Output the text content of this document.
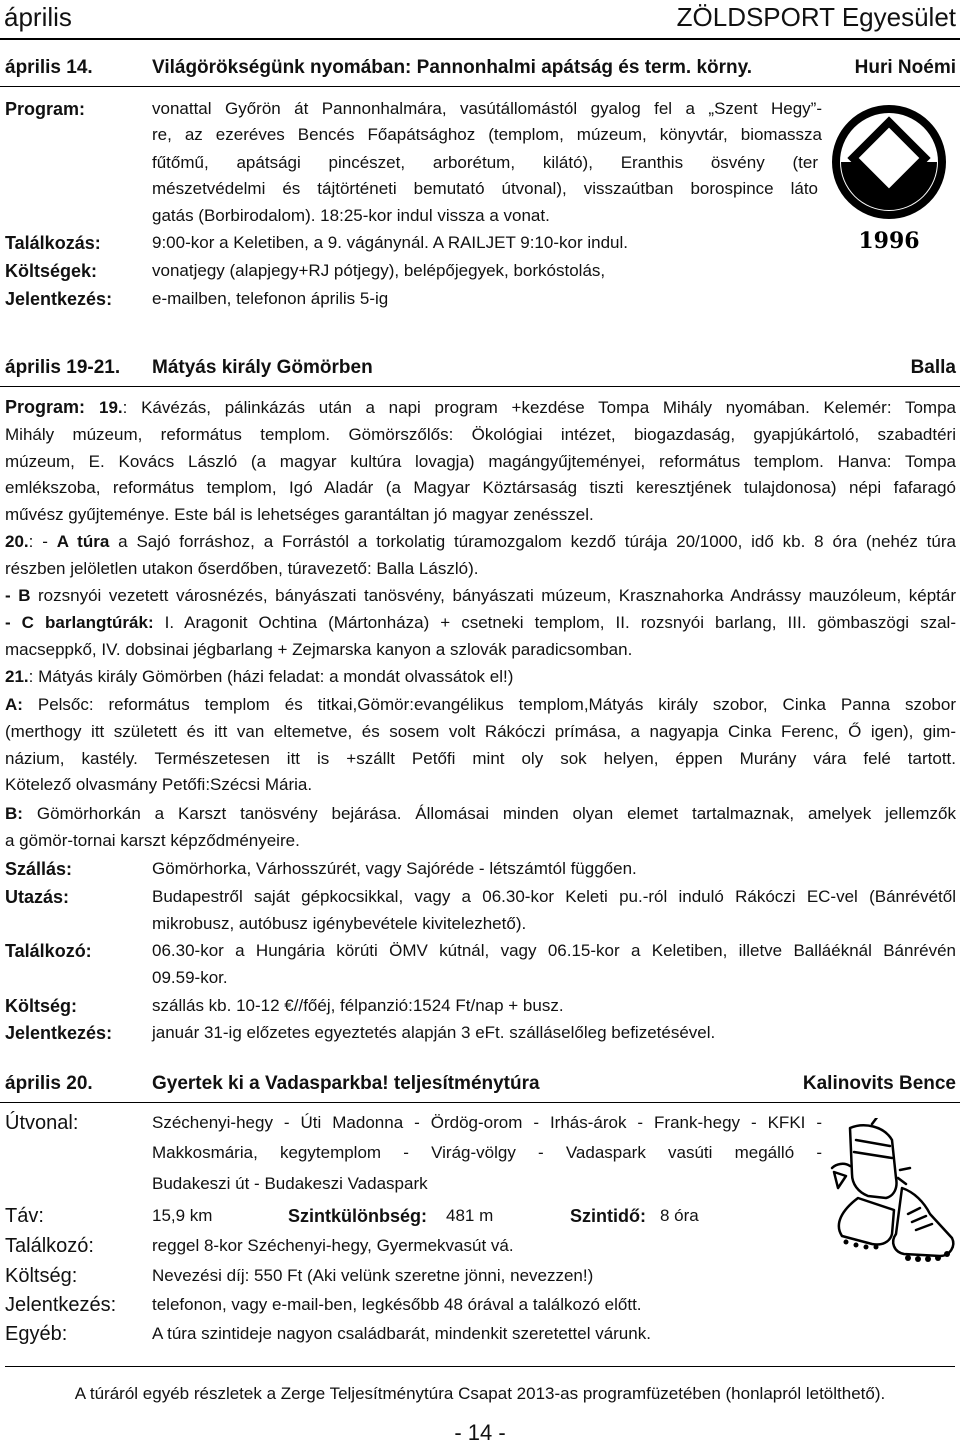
április	ZÖLDSPORT Egyesület
április 14.	Világörökségünk nyomában: Pannonhalmi apátság és term. körny.	Huri Noémi
Program:	vonattal Győrön át Pannonhalmára, vasútállomástól gyalog fel a „Szent Hegy”-
re, az ezeréves Bencés Főapátsághoz (templom, múzeum, könyvtár, biomassza
fűtőmű, apátsági pincészet, arborétum, kilátó), Eranthis ösvény (ter
mészetvédelmi és tájtörténeti bemutató útvonal), visszaútban borospince láto
gatás (Borbirodalom). 18:25-kor indul vissza a vonat.
Találkozás:	9:00-kor a Keletiben, a 9. vágánynál. A RAILJET 9:10-kor indul.
Költségek:	vonatjegy (alapjegy+RJ pótjegy), belépőjegyek, borkóstolás,
Jelentkezés: e-mailben, telefonon április 5-ig
1996
április 19-21. Mátyás király Gömörben	Balla
Program: 19.: Kávézás, pálinkázás után a napi program +kezdése Tompa Mihály nyomában. Kelemér: Tompa
Mihály múzeum, református templom. Gömörszőlős: Ökológiai intézet, biogazdaság, gyapjúkártoló, szabadtéri
múzeum, E. Kovács László (a magyar kultúra lovagja) magángyűjteményei, református templom. Hanva: Tompa
emlékszoba, református templom, Igó Aladár (a Magyar Köztársaság tiszti keresztjének tulajdonosa) népi fafaragó
művész gyűjteménye. Este bál is lehetséges garantáltan jó magyar zenésszel.
20.: - A túra a Sajó forráshoz, a Forrástól a torkolatig túramozgalom kezdő túrája 20/1000, idő kb. 8 óra (nehéz túra
részben jelöletlen utakon őserdőben, túravezető: Balla László).
- B rozsnyói vezetett városnézés, bányászati tanösvény, bányászati múzeum, Krasznahorka Andrássy mauzóleum, képtár
- C barlangtúrák: I. Aragonit Ochtina (Mártonháza) + csetneki templom, II. rozsnyói barlang, III. gömbaszögi szal-
macseppkő, IV. dobsinai jégbarlang + Zejmarska kanyon a szlovák paradicsomban.
21.: Mátyás király Gömörben (házi feladat: a mondát olvassátok el!)
A: Pelsőc: református templom és titkai,Gömör:evangélikus templom,Mátyás király szobor, Cinka Panna szobor
(merthogy itt született és itt van eltemetve, és sosem volt Rákóczi prímása, a nagyapja Cinka Ferenc, Ő igen), gim-
názium, kastély. Természetesen itt is +szállt Petőfi mint oly sok helyen, éppen Murány vára felé tartott.
Kötelező olvasmány Petőfi:Szécsi Mária.
B: Gömörhorkán a Karszt tanösvény bejárása. Állomásai minden olyan elemet tartalmaznak, amelyek jellemzők
a gömör-tornai karszt képződményeire.
Szállás:	Gömörhorka, Várhosszúrét, vagy Sajóréde - létszámtól függően.
Utazás:	Budapestről saját gépkocsikkal, vagy a 06.30-kor Keleti pu.-ról induló Rákóczi EC-vel (Bánrévétől
mikrobusz, autóbusz igénybevétele kivitelezhető).
Találkozó:	06.30-kor a Hungária körúti ÖMV kútnál, vagy 06.15-kor a Keletiben, illetve Balláéknál Bánrévén
09.59-kor.
Költség:	szállás kb. 10-12 €//főéj, félpanzió:1524 Ft/nap + busz.
Jelentkezés: január 31-ig előzetes egyeztetés alapján 3 eFt. szálláselőleg befizetésével.
április 20.	Gyertek ki a Vadasparkba! teljesítménytúra	Kalinovits Bence
Útvonal:	Széchenyi-hegy - Úti Madonna - Ördög-orom - Irhás-árok - Frank-hegy - KFKI -
Makkosmária, kegytemplom - Virág-völgy - Vadaspark vasúti megálló -
Budakeszi út - Budakeszi Vadaspark
Táv:	15,9 km	Szintkülönbség: 481 m	Szintidő: 8 óra
Találkozó:	reggel 8-kor Széchenyi-hegy, Gyermekvasút vá.
Költség:	Nevezési díj: 550 Ft (Aki velünk szeretne jönni, nevezzen!)
Jelentkezés: telefonon, vagy e-mail-ben, legkésőbb 48 órával a találkozó előtt.
Egyéb:	A túra szintideje nagyon családbarát, mindenkit szeretettel várunk.
A túráról egyéb részletek a Zerge Teljesítménytúra Csapat 2013-as programfüzetében (honlapról letölthető).
- 14 -
